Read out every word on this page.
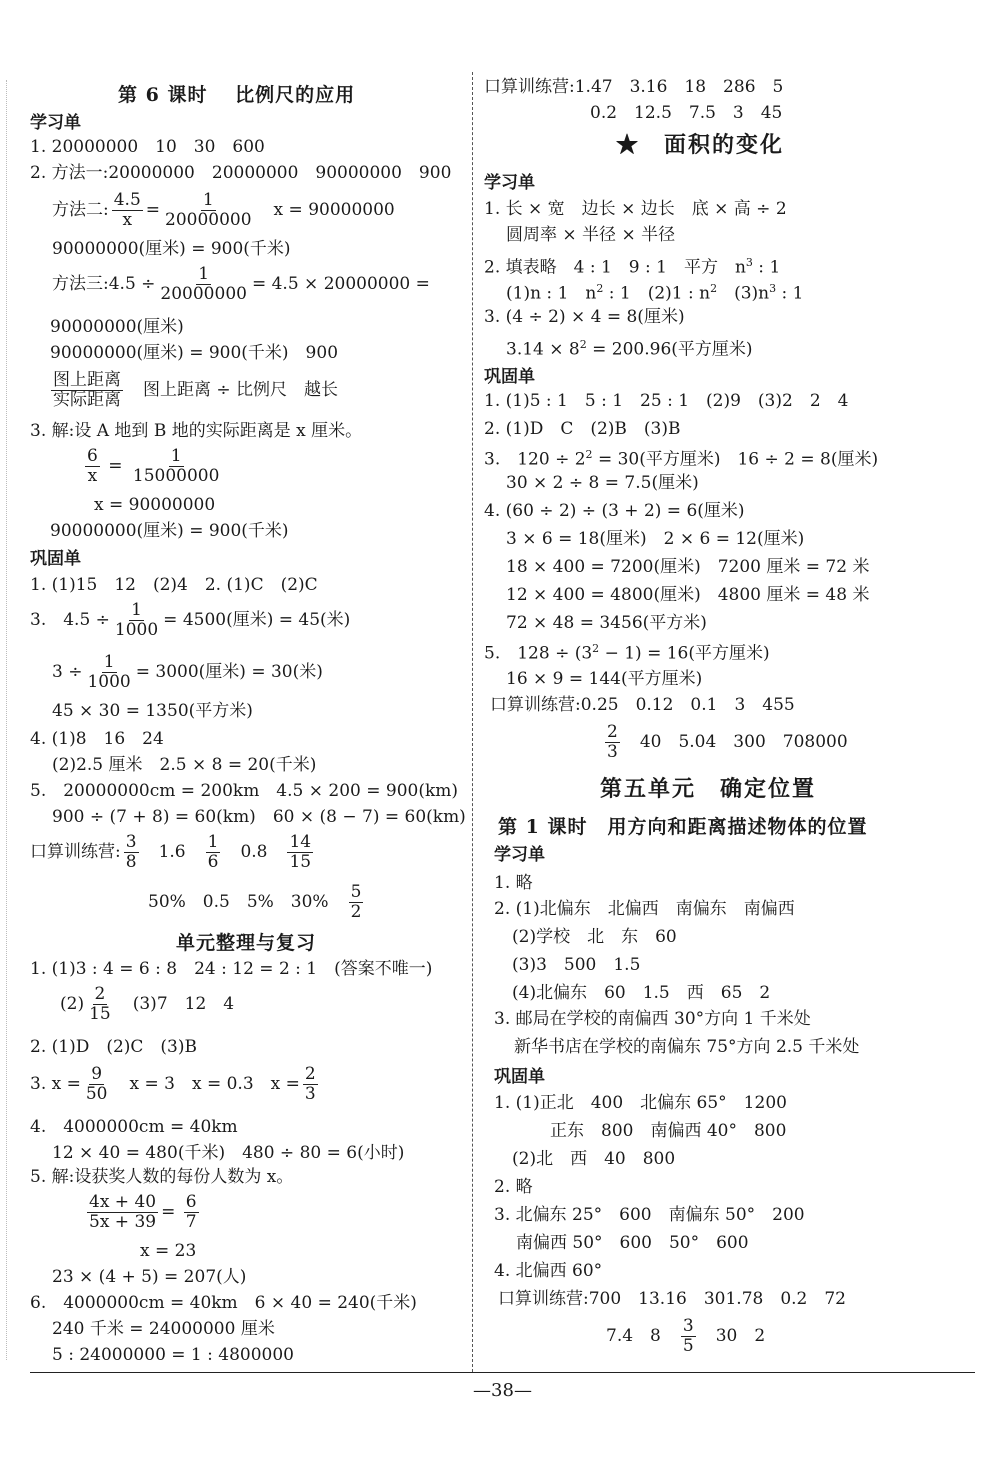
第 6 课时　 比例尺的应用
学习单
1. 20000000　10　30　600
2. 方法一:20000000　20000000　90000000　900
方法二: $\frac{4.5}{x} = \frac{1}{20000000}$ 　x = 90000000
90000000(厘米) = 900(千米)
方法三:4.5 ÷ $\frac{1}{20000000} = 4.5 \times 20000000$ =
90000000(厘米)
90000000(厘米) = 900(千米)　900
$\frac{\text{图上距离}}{\text{实际距离}}$ 　图上距离 ÷ 比例尺　越长
3. 解:设 A 地到 B 地的实际距离是 x 厘米。
$\frac{6}{x} = \frac{1}{15000000}$
x = 90000000
90000000(厘米) = 900(千米)
巩固单
1. (1)15　12　(2)4　2. (1)C　(2)C
3.　$4.5 \div \frac{1}{1000} = 4500$(厘米) = 45(米)
$3 \div \frac{1}{1000} = 3000$(厘米) = 30(米)
45 × 30 = 1350(平方米)
4. (1)8　16　24
(2)2.5 厘米　2.5 × 8 = 20(千米)
5.　20000000cm = 200km　4.5 × 200 = 900(km)
900 ÷ (7 + 8) = 60(km)　60 × (8 − 7) = 60(km)
口算训练营: $\frac{3}{8}$
　 1.6　 $\frac{1}{6}$
　 0.8　 $\frac{14}{15}$
50%　0.5　5%　30%　 $\frac{5}{2}$
单元整理与复习
1. (1)3 : 4 = 6 : 8　24 : 12 = 2 : 1　(答案不唯一)
$(2) \frac{2}{15}$
　 (3)7　12　4
2. (1)D　(2)C　(3)B
3. $x = \frac{9}{50}$
　 x = 3　x = 0.3　$x = \frac{2}{3}$
4.　4000000cm = 40km
12 × 40 = 480(千米)　480 ÷ 80 = 6(小时)
5. 解:设获奖人数的每份人数为 x。
$\frac{4x + 40}{5x + 39} = \frac{6}{7}$
x = 23
23 × (4 + 5) = 207(人)
6.　4000000cm = 40km　6 × 40 = 240(千米)
240 千米 = 24000000 厘米
5 : 24000000 = 1 : 4800000
口算训练营:1.47　3.16　18　286　5
0.2　12.5　7.5　3　45
★　面积的变化
学习单
1. 长 × 宽　边长 × 边长　底 × 高 ÷ 2
圆周率 × 半径 × 半径
2. 填表略　4 : 1　9 : 1　平方　$n^3$ : 1
(1)n : 1　$n^2$ : 1　(2)1 : $n^2$　$(3)n^3$ : 1
3. (4 ÷ 2) × 4 = 8(厘米)
$3.14 \times 8^2 = 200.96$(平方厘米)
巩固单
1. (1)5 : 1　5 : 1　25 : 1　(2)9　(3)2　2　4
2. (1)D　C　(2)B　(3)B
3.　$120 \div 2^2 = 30$(平方厘米)　16 ÷ 2 = 8(厘米)
30 × 2 ÷ 8 = 7.5(厘米)
4. (60 ÷ 2) ÷ (3 + 2) = 6(厘米)
3 × 6 = 18(厘米)　2 × 6 = 12(厘米)
18 × 400 = 7200(厘米)　7200 厘米 = 72 米
12 × 400 = 4800(厘米)　4800 厘米 = 48 米
72 × 48 = 3456(平方米)
5.　$128 \div (3^2 - 1) = 16$(平方厘米)
16 × 9 = 144(平方厘米)
口算训练营:0.25　0.12　0.1　3　455
$\frac{2}{3}$
　 40　5.04　300　708000
第五单元　确定位置
第 1 课时　用方向和距离描述物体的位置
学习单
1. 略
2. (1)北偏东　北偏西　南偏东　南偏西
(2)学校　北　东　60
(3)3　500　1.5
(4)北偏东　60　1.5　西　65　2
3. 邮局在学校的南偏西 30°方向 1 千米处
新华书店在学校的南偏东 75°方向 2.5 千米处
巩固单
1. (1)正北　400　北偏东 65°　1200
正东　800　南偏西 40°　800
(2)北　西　40　800
2. 略
3. 北偏东 25°　600　南偏东 50°　200
南偏西 50°　600　50°　600
4. 北偏西 60°
口算训练营:700　13.16　301.78　0.2　72
7.4　8　 $\frac{3}{5}$
　 30　2
—38—
